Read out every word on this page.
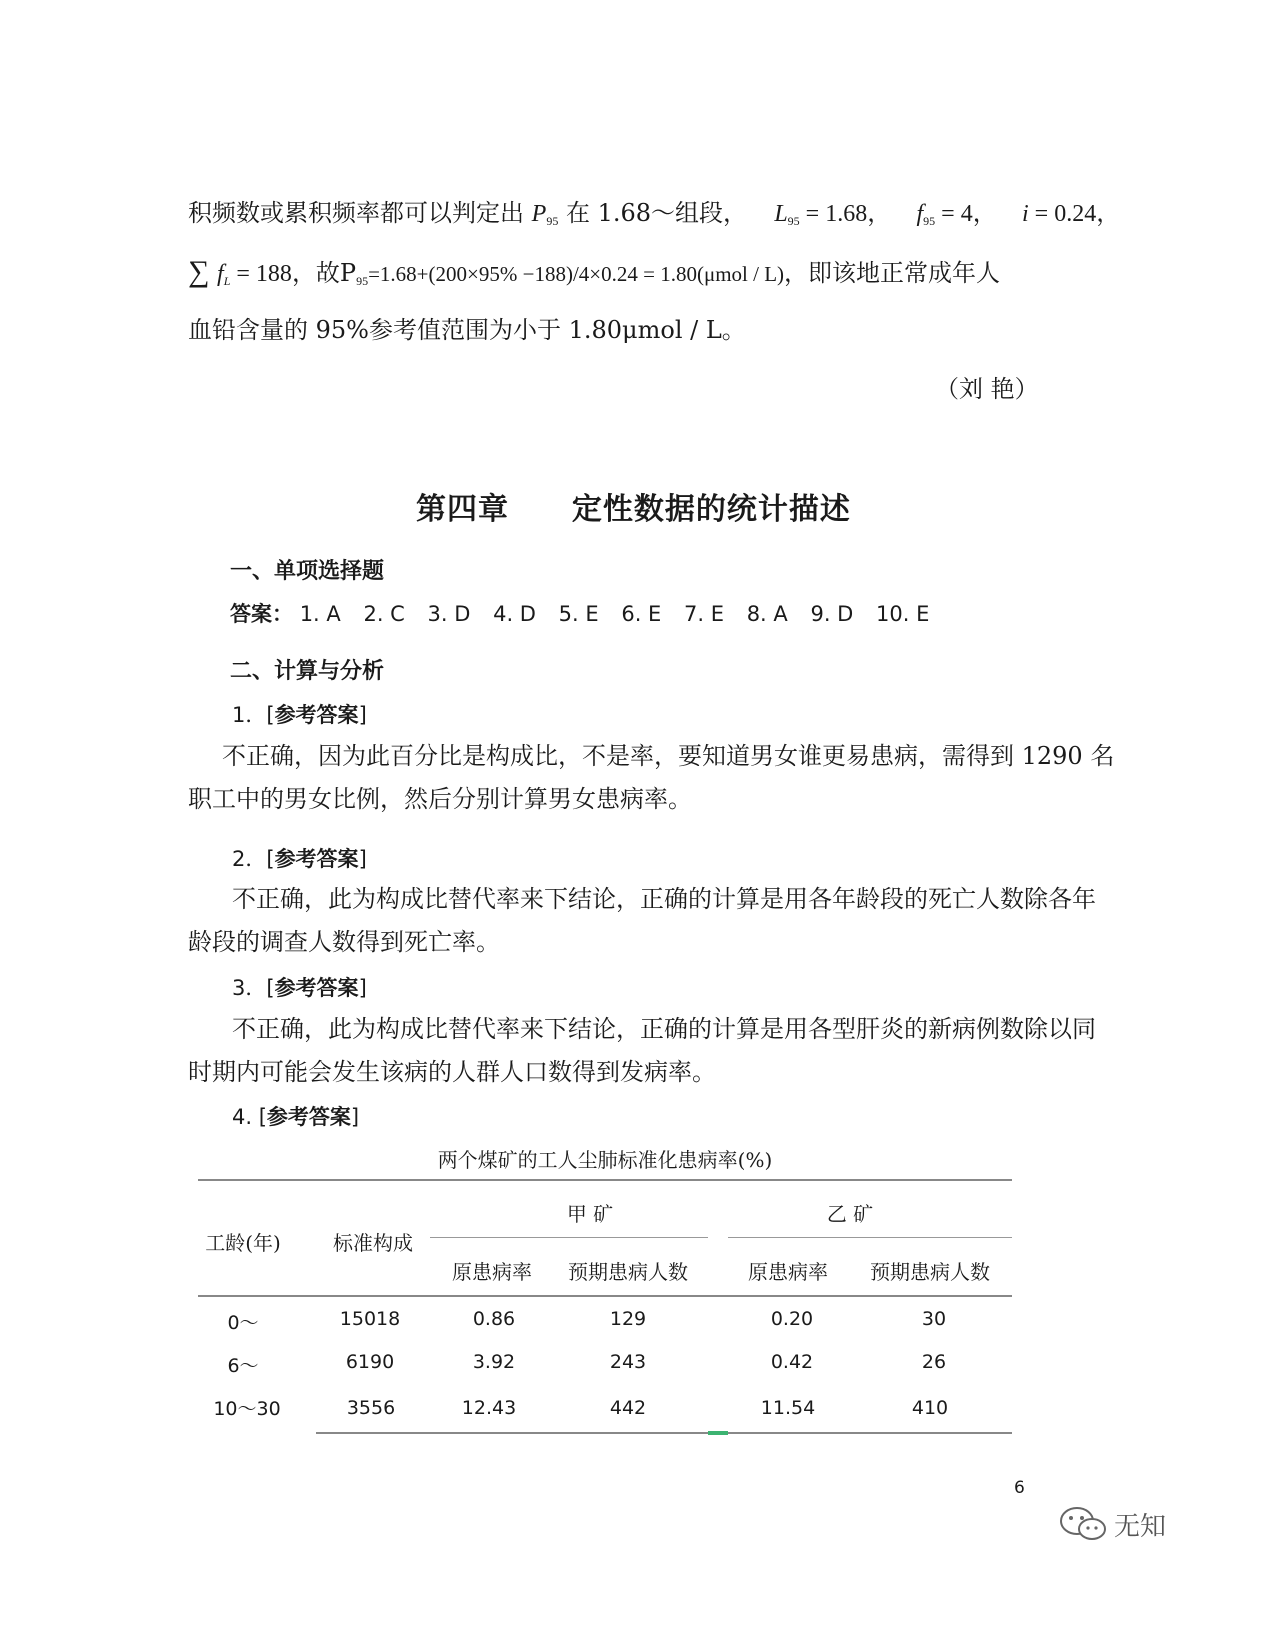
积频数或累积频率都可以判定出 $P_{95}$ 在 1.68～组段， $L_{95} = 1.68$， $f_{95} = 4$， i = 0.24，
∑ $f_L = 188$，故$P_{95}=1.68+(200\times 95\% -188)/4\times 0.24 = 1.80(\mu mol / L)$，即该地正常成年人
血铅含量的 95%参考值范围为小于 1.80μmol / L。
（刘 艳）
第四章 定性数据的统计描述
一、单项选择题
答案： 1. A 2. C 3. D 4. D 5. E 6. E 7. E 8. A 9. D 10. E
二、计算与分析
1．[参考答案]
不正确，因为此百分比是构成比，不是率，要知道男女谁更易患病，需得到 1290 名
职工中的男女比例，然后分别计算男女患病率。
2．[参考答案]
不正确，此为构成比替代率来下结论，正确的计算是用各年龄段的死亡人数除各年
龄段的调查人数得到死亡率。
3．[参考答案]
不正确，此为构成比替代率来下结论，正确的计算是用各型肝炎的新病例数除以同
时期内可能会发生该病的人群人口数得到发病率。
4. [参考答案]
两个煤矿的工人尘肺标准化患病率(%)
工龄(年)	标准构成
甲 矿	乙 矿
原患病率 预期患病人数	原患病率 预期患病人数
0～	15018	0.86	129	0.20	30
6～	6190	3.92	243	0.42	26
10～30	3556	12.43	442	11.54	410
6
无知
